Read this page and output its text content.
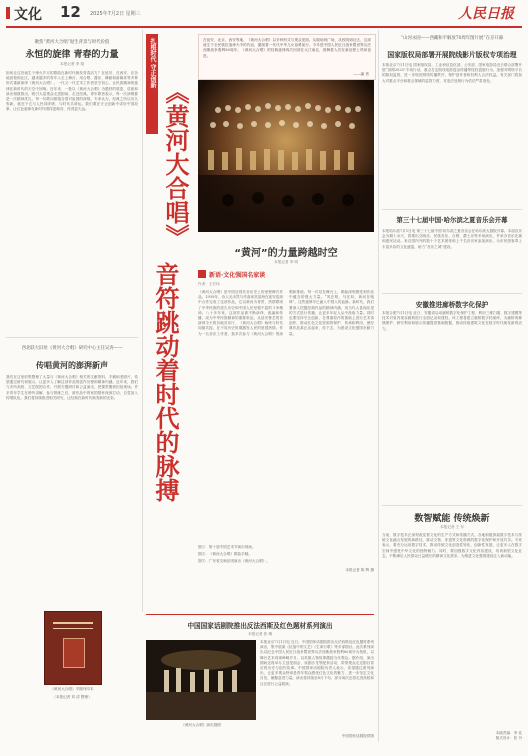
文化 12 2025年7月2日 星期三	人民日报
聚焦“黄河大合唱”诞生背景与时代价值
永恒的旋律 青春的力量
本报记者 李 翔
如何让这首诞生于烽火岁月的歌曲在新时代焕发青春活力？在延安、在西安、在各地高校和社区，越来越多的青年人走上舞台，用合唱、器乐、舞蹈和新媒体等多种形式重新演绎《黄河大合唱》。一代又一代艺术工作者坚守初心，让民族精神的旋律在新时代的天空中回响。近年来，一批以《黄河大合唱》为题材的展览、讲座和演出相继推出，吸引大量观众走进剧场、走近经典。青年歌者表示，每一次演唱都是一次精神洗礼，每一句歌词都饱含着对祖国的深情。专家认为，经典之所以历久弥新，就在于它与人民同呼吸、与时代共命运。我们要在守正创新中讲好中国故事，让红色旋律在新时代唱得更响亮、传得更久远。
西北联大旧址《黄河大合唱》研究中心主任吴涛——
传唱黄河的澎湃新声
我们在这里收集整理了大量与《黄河大合唱》相关的文献资料、手稿和老照片，希望通过研究和展示，让更多人了解这部作品的创作历程和精神内涵。近年来，我们与多所高校、文艺院团合作，开展专题研讨和公益演出，把课堂搬到旧址现场。许多青年学生在聆听讲解、参与排练之后，被作品中的家国情怀深深打动，自觉加入传唱队伍。我们将持续推进相关研究，让经典在新时代焕发新的光彩。
《黄河大合唱》早期刊印本
（本报记者 刘 清 整理）
扎根时代 守正创新
《黄河大合唱》
音符跳动着时代的脉搏
在延安、北京、西安等地，《黄河大合唱》以多种形式与观众见面。从剧场到广场，从校园到社区，这部诞生于全民族抗战烽火中的作品，激励着一代代中华儿女奋勇前行。今年是中国人民抗日战争暨世界反法西斯战争胜利80周年，《黄河大合唱》的经典旋律再次回荡在大江南北，鼓舞着人们在新征程上昂扬奋进。
——编 者
“黄河”的力量跨越时空
本报记者 李 明
新语·文化强国名家谈
作者：王宏伟
《黄河大合唱》是中国近现代音乐史上的里程碑式作品。1939年，诗人光未然与作曲家冼星海在延安窑洞中合作完成了这部作品，它以黄河为背景，热情歌颂了中华民族的悠久历史和中国人民坚强不屈的斗争精神。八十多年来，这部作品被不断演绎、改编和传播，成为中华民族精神的重要象征。从延安鲁艺的首演到今天的各地音乐厅，《黄河大合唱》始终与时代同频共振，在不同历史时期激发人民的爱国热情。作为一名音乐工作者，我多次参与《黄河大合唱》的演唱和排练。每一次站在舞台上，都能深刻感受到作品中蕴含的强大力量。“风在吼，马在叫，黄河在咆哮”，这些旋律早已融入中国人的血脉。新时代，我们要深入挖掘经典作品的精神内涵，用当代人喜闻乐见的方式进行传播，让更多年轻人从中汲取力量。同时也要坚持守正创新，在尊重原作的基础上进行艺术再创作，推动红色文化资源的保护、传承和利用，使经典作品真正活起来、传下去，为建设文化强国贡献力量。
图①：第十届中国艺术节演出现场。
图②：《黄河大合唱》歌曲手稿。
图③：广东省交响乐团演出《黄河大合唱》。
本报记者 陈 辉 摄
中国国家话剧院推出反法西斯及红色题材系列演出
本报记者 张 琳
《黄河大合唱》演出剧照
本报北京7月1日电 近日，中国国家话剧院推出反法西斯及红色题材系列演出，集中展演《抗战中的文艺》《生命行歌》等多部剧目。此次系列演出以纪念中国人民抗日战争暨世界反法西斯战争胜利80周年为契机，以舞台艺术再现峥嵘岁月，以英雄人物故事激励当代观众。据介绍，演出期间还将举办主创见面会、戏剧沙龙等配套活动，带领观众走近剧目背后的历史与创作故事。中国国家话剧院负责人表示，希望通过系列演出，让更多观众特别是青年观众感受红色文化的魅力，进一步坚定文化自信，凝聚奋进力量。演出将持续至8月下旬，部分场次还将走进高校和社区进行公益展演。
中国国家话剧院供图
“山河永固——西藏和平解放70周年图片展”在京开幕
国家版权局部署开展院线影片版权专项治理
本报北京7月1日电 国家版权局、工业和信息化部、公安部、国家电影局近日联合部署开展“剑网2025”专项行动，重点打击院线电影盗录传播等侵权盗版行为，加强对网络平台的版权监管，进一步规范网络传播秩序，保护创作者和权利人合法权益。有关部门将加大对重点平台和重点领域的监管力度，对违法违规行为依法严肃查处。
第三十七届中国·哈尔滨之夏音乐会开幕
本报哈尔滨7月1日电 第三十七届中国·哈尔滨之夏音乐会在哈尔滨大剧院开幕。本届音乐会为期十余天，将推出交响乐、民族音乐、合唱、爵士乐等多场演出，并举办音乐比赛和惠民活动。来自国内外的数十个艺术团体和上千名音乐家参加演出，为市民游客奉上丰富多彩的文化盛宴，助力“音乐之城”建设。
安徽推进廊桥数字化保护
本报合肥7月1日电 近日，安徽省启动廊桥数字化保护工程，利用三维扫描、数字建模等技术对省内现存廊桥进行全面记录和建档。该工程将建立廊桥数字档案库，为廊桥的修缮保护、研究利用和展示传播提供基础数据，推动传统建筑文化在数字时代焕发新的活力。
数智赋能 传统焕新
本报记者 王 东
当前，数字技术正深刻改变着文化的生产方式和传播方式。各地积极探索数字技术与传统文化融合发展的新路径，推动文物、非遗等文化资源的数字化保护和开放共享。专家表示，要充分运用数字技术，推动传统文化创造性转化、创新性发展，让更多人在数字空间中感受中华文化的独特魅力。同时，要加强数字文化内容建设，培育新型文化业态，不断满足人民群众日益增长的精神文化需求，为推进文化强国建设注入新动能。
本版责编：李 佳
版式设计：张 丹
